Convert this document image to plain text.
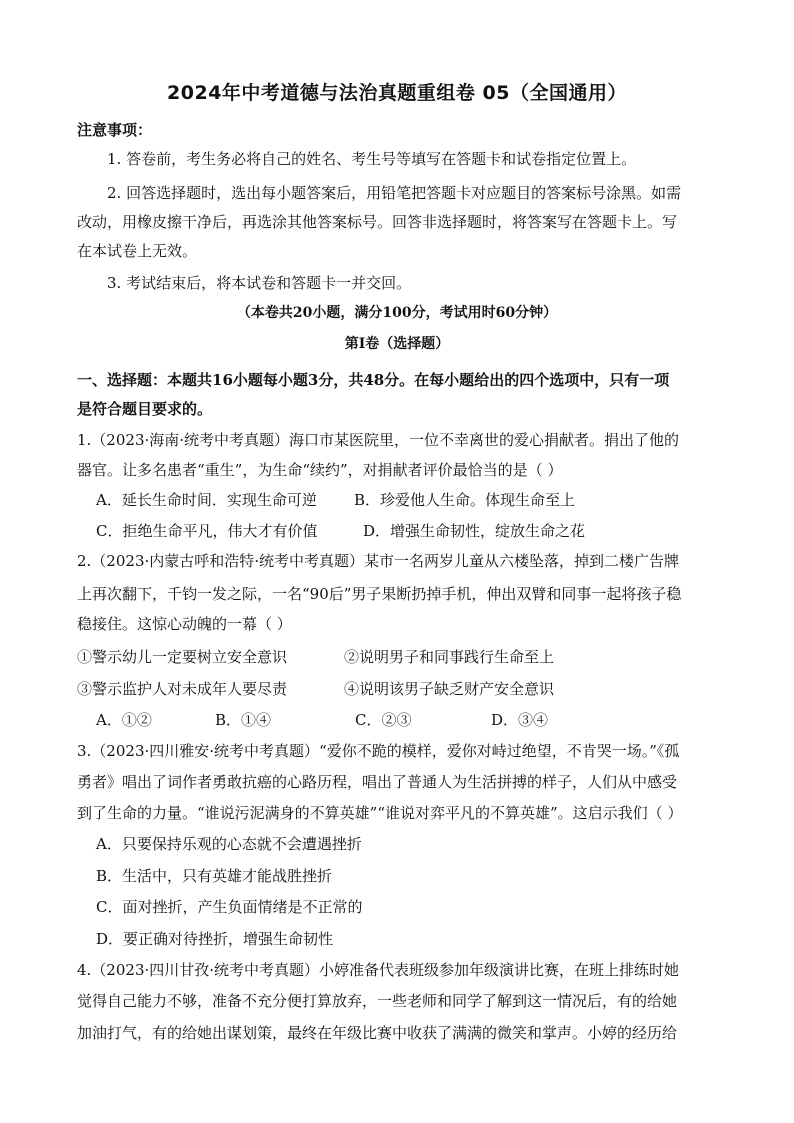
2024年中考道德与法治真题重组卷 05（全国通用）
注意事项：
1. 答卷前，考生务必将自己的姓名、考生号等填写在答题卡和试卷指定位置上。
2. 回答选择题时，选出每小题答案后，用铅笔把答题卡对应题目的答案标号涂黑。如需
改动，用橡皮擦干净后，再选涂其他答案标号。回答非选择题时，将答案写在答题卡上。写
在本试卷上无效。
3. 考试结束后，将本试卷和答题卡一并交回。
（本卷共20小题，满分100分，考试用时60分钟）
第I卷（选择题）
一、选择题：本题共16小题每小题3分，共48分。在每小题给出的四个选项中，只有一项
是符合题目要求的。
1.（2023·海南·统考中考真题）海口市某医院里，一位不幸离世的爱心捐献者。捐出了他的
器官。让多名患者“重生”，为生命“续约”，对捐献者评价最恰当的是（ ）
A．延长生命时间．实现生命可逆 B．珍爱他人生命。体现生命至上
C．拒绝生命平凡，伟大才有价值	D．增强生命韧性，绽放生命之花
2.（2023·内蒙古呼和浩特·统考中考真题）某市一名两岁儿童从六楼坠落，掉到二楼广告牌
上再次翻下，千钧一发之际，一名“90后”男子果断扔掉手机，伸出双臂和同事一起将孩子稳
稳接住。这惊心动魄的一幕（ ）
①警示幼儿一定要树立安全意识	②说明男子和同事践行生命至上
③警示监护人对未成年人要尽责	④说明该男子缺乏财产安全意识
A．①②	B．①④	C．②③	D．③④
3.（2023·四川雅安·统考中考真题）“爱你不跪的模样，爱你对峙过绝望，不肯哭一场。”《孤
勇者》唱出了词作者勇敢抗癌的心路历程，唱出了普通人为生活拼搏的样子，人们从中感受
到了生命的力量。“谁说污泥满身的不算英雄”“谁说对弈平凡的不算英雄”。这启示我们（ ）
A．只要保持乐观的心态就不会遭遇挫折
B．生活中，只有英雄才能战胜挫折
C．面对挫折，产生负面情绪是不正常的
D．要正确对待挫折，增强生命韧性
4.（2023·四川甘孜·统考中考真题）小婷准备代表班级参加年级演讲比赛，在班上排练时她
觉得自己能力不够，准备不充分便打算放弃，一些老师和同学了解到这一情况后，有的给她
加油打气，有的给她出谋划策，最终在年级比赛中收获了满满的微笑和掌声。小婷的经历给
